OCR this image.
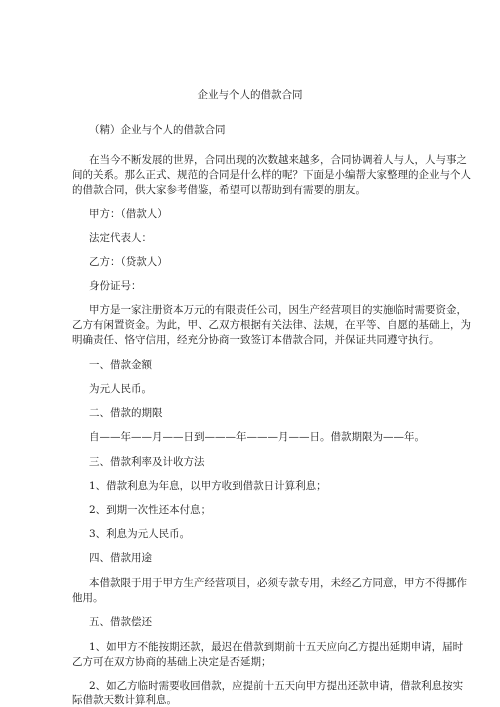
企业与个人的借款合同
（精）企业与个人的借款合同
在当今不断发展的世界，合同出现的次数越来越多，合同协调着人与人，人与事之
间的关系。那么正式、规范的合同是什么样的呢？下面是小编帮大家整理的企业与个人
的借款合同，供大家参考借鉴，希望可以帮助到有需要的朋友。
甲方：（借款人）
法定代表人：
乙方：（贷款人）
身份证号：
甲方是一家注册资本万元的有限责任公司，因生产经营项目的实施临时需要资金，
乙方有闲置资金。为此，甲、乙双方根据有关法律、法规，在平等、自愿的基础上，为
明确责任、恪守信用，经充分协商一致签订本借款合同，并保证共同遵守执行。
一、借款金额
为元人民币。
二、借款的期限
自——年——月——日到———年———月——日。借款期限为——年。
三、借款利率及计收方法
1、借款利息为年息，以甲方收到借款日计算利息；
2、到期一次性还本付息；
3、利息为元人民币。
四、借款用途
本借款限于用于甲方生产经营项目，必须专款专用，未经乙方同意，甲方不得挪作
他用。
五、借款偿还
1、如甲方不能按期还款，最迟在借款到期前十五天应向乙方提出延期申请，届时
乙方可在双方协商的基础上决定是否延期；
2、如乙方临时需要收回借款，应提前十五天向甲方提出还款申请，借款利息按实
际借款天数计算利息。
